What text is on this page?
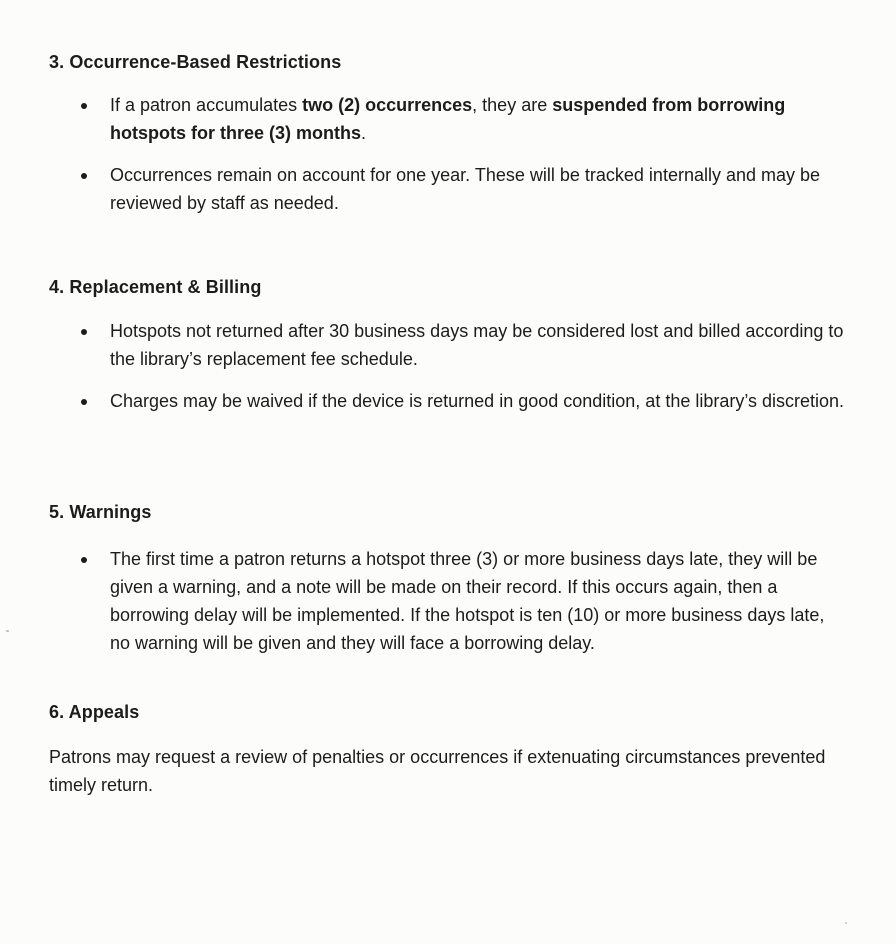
3. Occurrence-Based Restrictions
If a patron accumulates two (2) occurrences, they are suspended from borrowing hotspots for three (3) months.
Occurrences remain on account for one year. These will be tracked internally and may be reviewed by staff as needed.
4. Replacement & Billing
Hotspots not returned after 30 business days may be considered lost and billed according to the library’s replacement fee schedule.
Charges may be waived if the device is returned in good condition, at the library’s discretion.
5. Warnings
The first time a patron returns a hotspot three (3) or more business days late, they will be given a warning, and a note will be made on their record. If this occurs again, then a borrowing delay will be implemented. If the hotspot is ten (10) or more business days late, no warning will be given and they will face a borrowing delay.
6. Appeals

Patrons may request a review of penalties or occurrences if extenuating circumstances prevented timely return.
